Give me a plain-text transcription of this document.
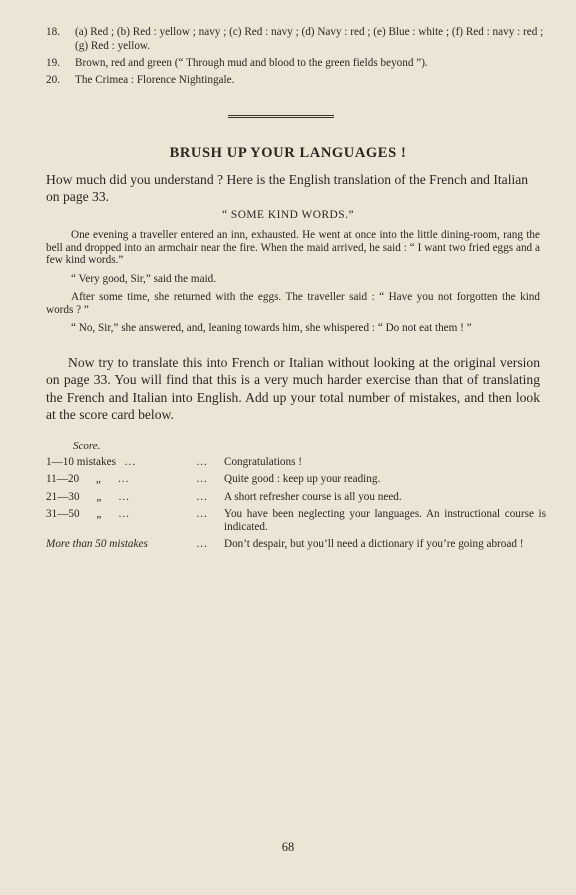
18.	(a) Red ; (b) Red : yellow ; navy ; (c) Red : navy ; (d) Navy : red ; (e) Blue : white ; (f) Red : navy : red ; (g) Red : yellow.
19.	Brown, red and green (“ Through mud and blood to the green fields beyond ”).
20.	The Crimea : Florence Nightingale.
BRUSH UP YOUR LANGUAGES !
How much did you understand ? Here is the English translation of the French and Italian on page 33.
“ SOME KIND WORDS.”

One evening a traveller entered an inn, exhausted. He went at once into the little dining-room, rang the bell and dropped into an armchair near the fire. When the maid arrived, he said : “ I want two fried eggs and a few kind words.”

“ Very good, Sir,” said the maid.

After some time, she returned with the eggs. The traveller said : “ Have you not forgotten the kind words ? ”

“ No, Sir,” she answered, and, leaning towards him, she whispered : “ Do not eat them ! ”

Now try to translate this into French or Italian without looking at the original version on page 33. You will find that this is a very much harder exercise than that of translating the French and Italian into English. Add up your total number of mistakes, and then look at the score card below.
Score.
1—10 mistakes   …	…	Congratulations !
11—20      „      …	…	Quite good : keep up your reading.
21—30      „      …	…	A short refresher course is all you need.
31—50      „      …	…	You have been neglecting your languages. An instructional course is indicated.
More than 50 mistakes	…	Don’t despair, but you’ll need a dictionary if you’re going abroad !
68
